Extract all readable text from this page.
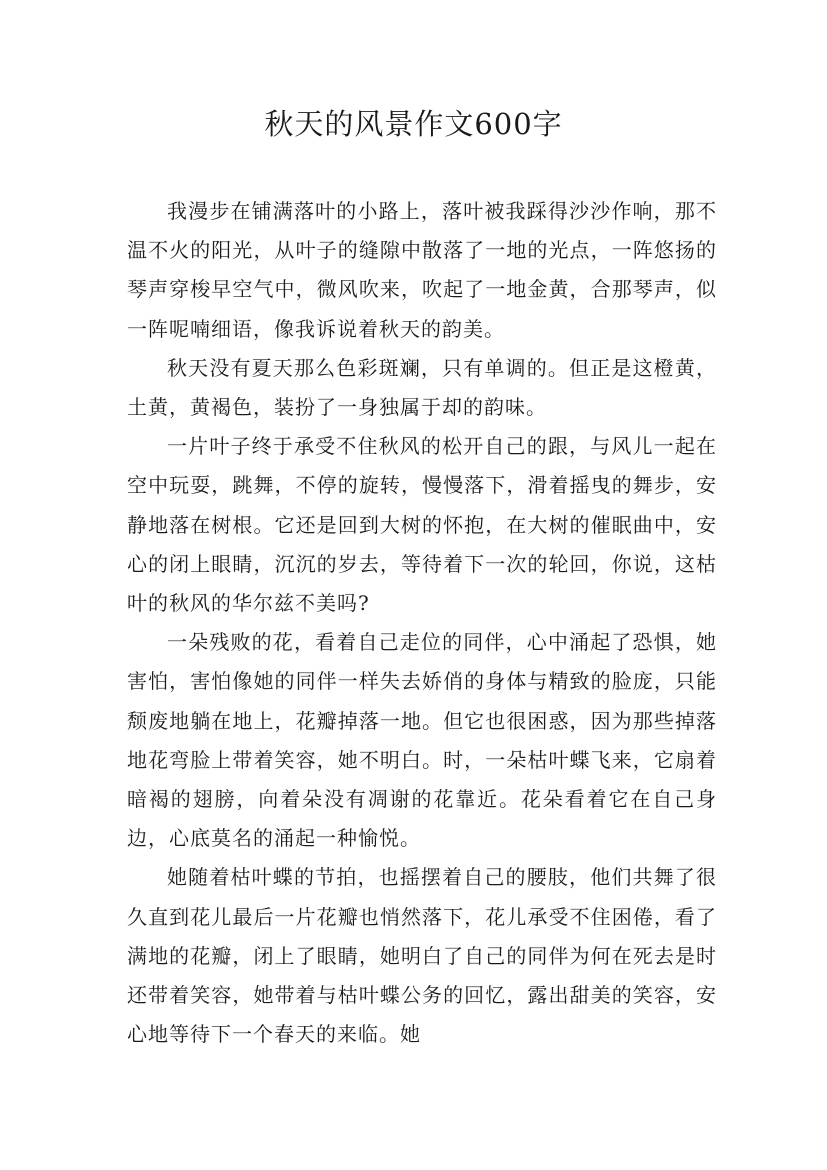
秋天的风景作文600字

我漫步在铺满落叶的小路上，落叶被我踩得沙沙作响，那不温不火的阳光，从叶子的缝隙中散落了一地的光点，一阵悠扬的琴声穿梭早空气中，微风吹来，吹起了一地金黄，合那琴声，似一阵呢喃细语，像我诉说着秋天的韵美。

秋天没有夏天那么色彩斑斓，只有单调的。但正是这橙黄，土黄，黄褐色，装扮了一身独属于却的韵味。

一片叶子终于承受不住秋风的松开自己的跟，与风儿一起在空中玩耍，跳舞，不停的旋转，慢慢落下，滑着摇曳的舞步，安静地落在树根。它还是回到大树的怀抱，在大树的催眠曲中，安心的闭上眼睛，沉沉的岁去，等待着下一次的轮回，你说，这枯叶的秋风的华尔兹不美吗?

一朵残败的花，看着自己走位的同伴，心中涌起了恐惧，她害怕，害怕像她的同伴一样失去娇俏的身体与精致的脸庞，只能颓废地躺在地上，花瓣掉落一地。但它也很困惑，因为那些掉落地花弯脸上带着笑容，她不明白。时，一朵枯叶蝶飞来，它扇着暗褐的翅膀，向着朵没有凋谢的花靠近。花朵看着它在自己身边，心底莫名的涌起一种愉悦。

她随着枯叶蝶的节拍，也摇摆着自己的腰肢，他们共舞了很久直到花儿最后一片花瓣也悄然落下，花儿承受不住困倦，看了满地的花瓣，闭上了眼睛，她明白了自己的同伴为何在死去是时还带着笑容，她带着与枯叶蝶公务的回忆，露出甜美的笑容，安心地等待下一个春天的来临。她
